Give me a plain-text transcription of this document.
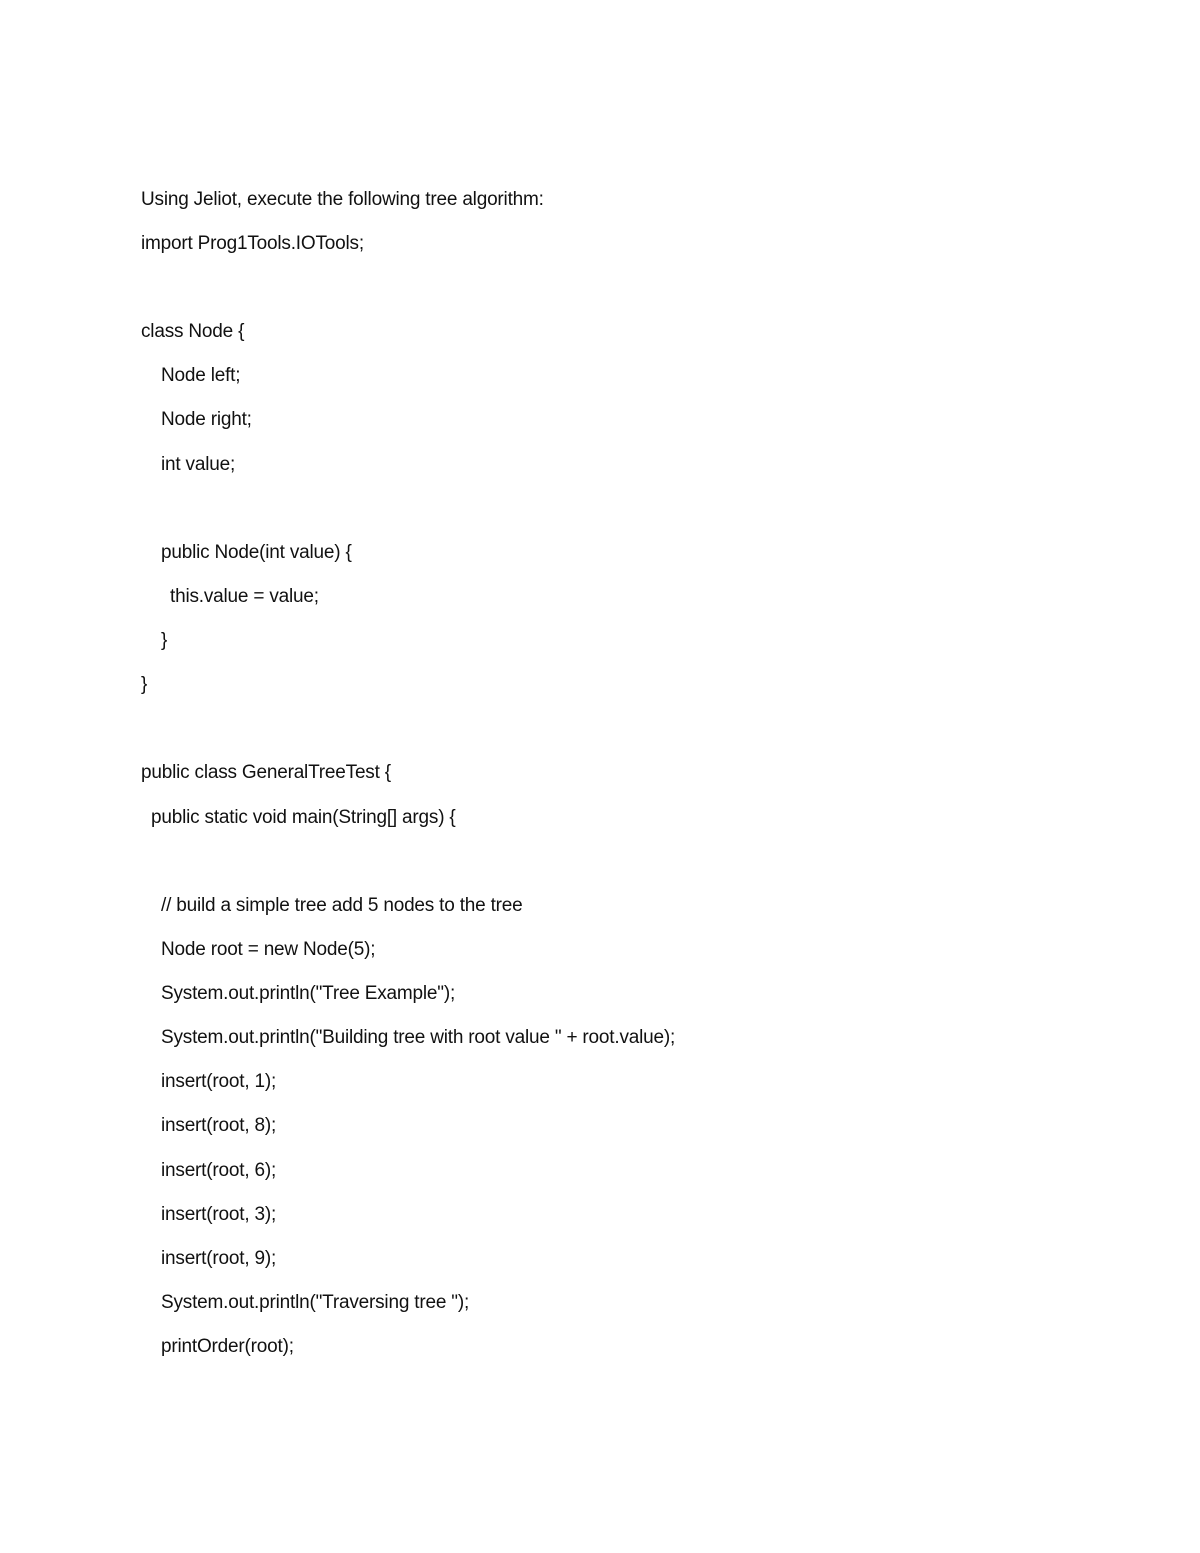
Using Jeliot, execute the following tree algorithm:
import Prog1Tools.IOTools;
class Node {
Node left;
Node right;
int value;
public Node(int value) {
this.value = value;
}
}
public class GeneralTreeTest {
public static void main(String[] args) {
// build a simple tree add 5 nodes to the tree
Node root = new Node(5);
System.out.println("Tree Example");
System.out.println("Building tree with root value " + root.value);
insert(root, 1);
insert(root, 8);
insert(root, 6);
insert(root, 3);
insert(root, 9);
System.out.println("Traversing tree ");
printOrder(root);
